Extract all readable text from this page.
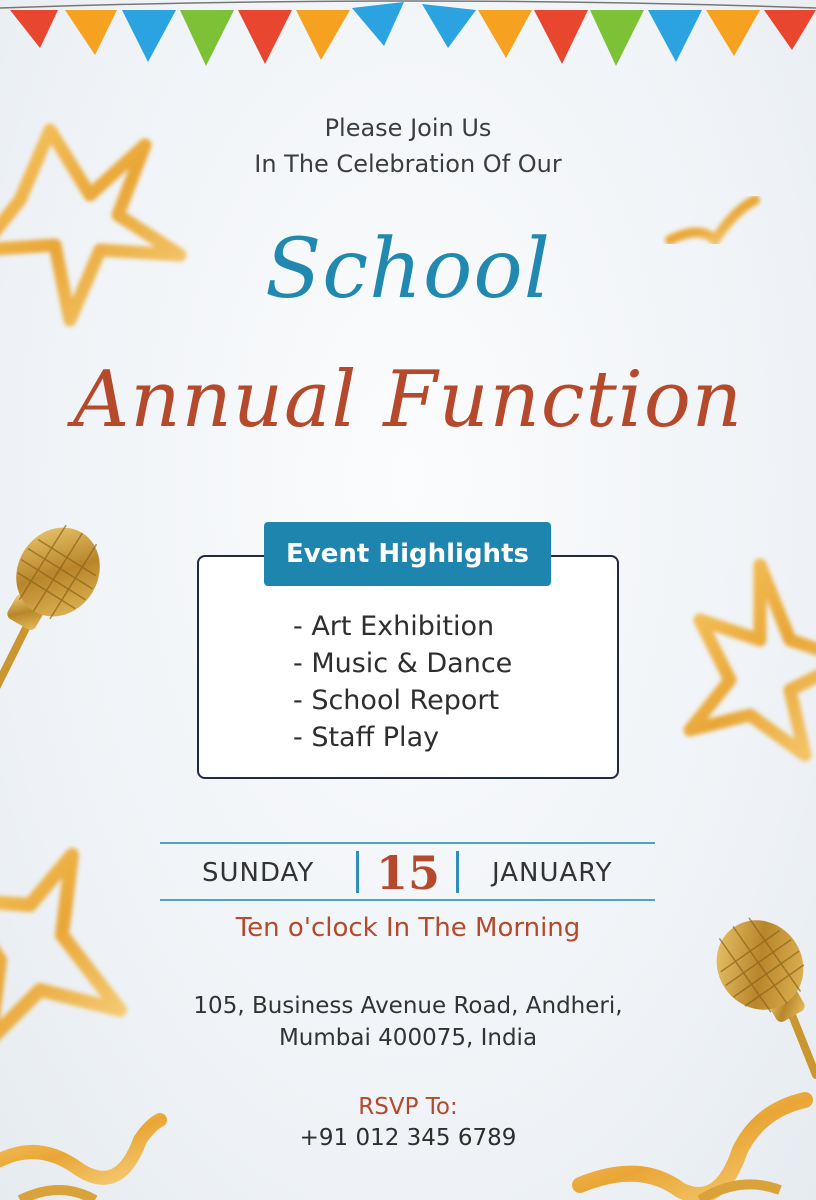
Please Join Us
In The Celebration Of Our
School
Annual Function
Event Highlights
- Art Exhibition
- Music & Dance
- School Report
- Staff Play
SUNDAY 15 JANUARY
Ten o'clock In The Morning
105, Business Avenue Road, Andheri,
Mumbai 400075, India
RSVP To:
+91 012 345 6789
